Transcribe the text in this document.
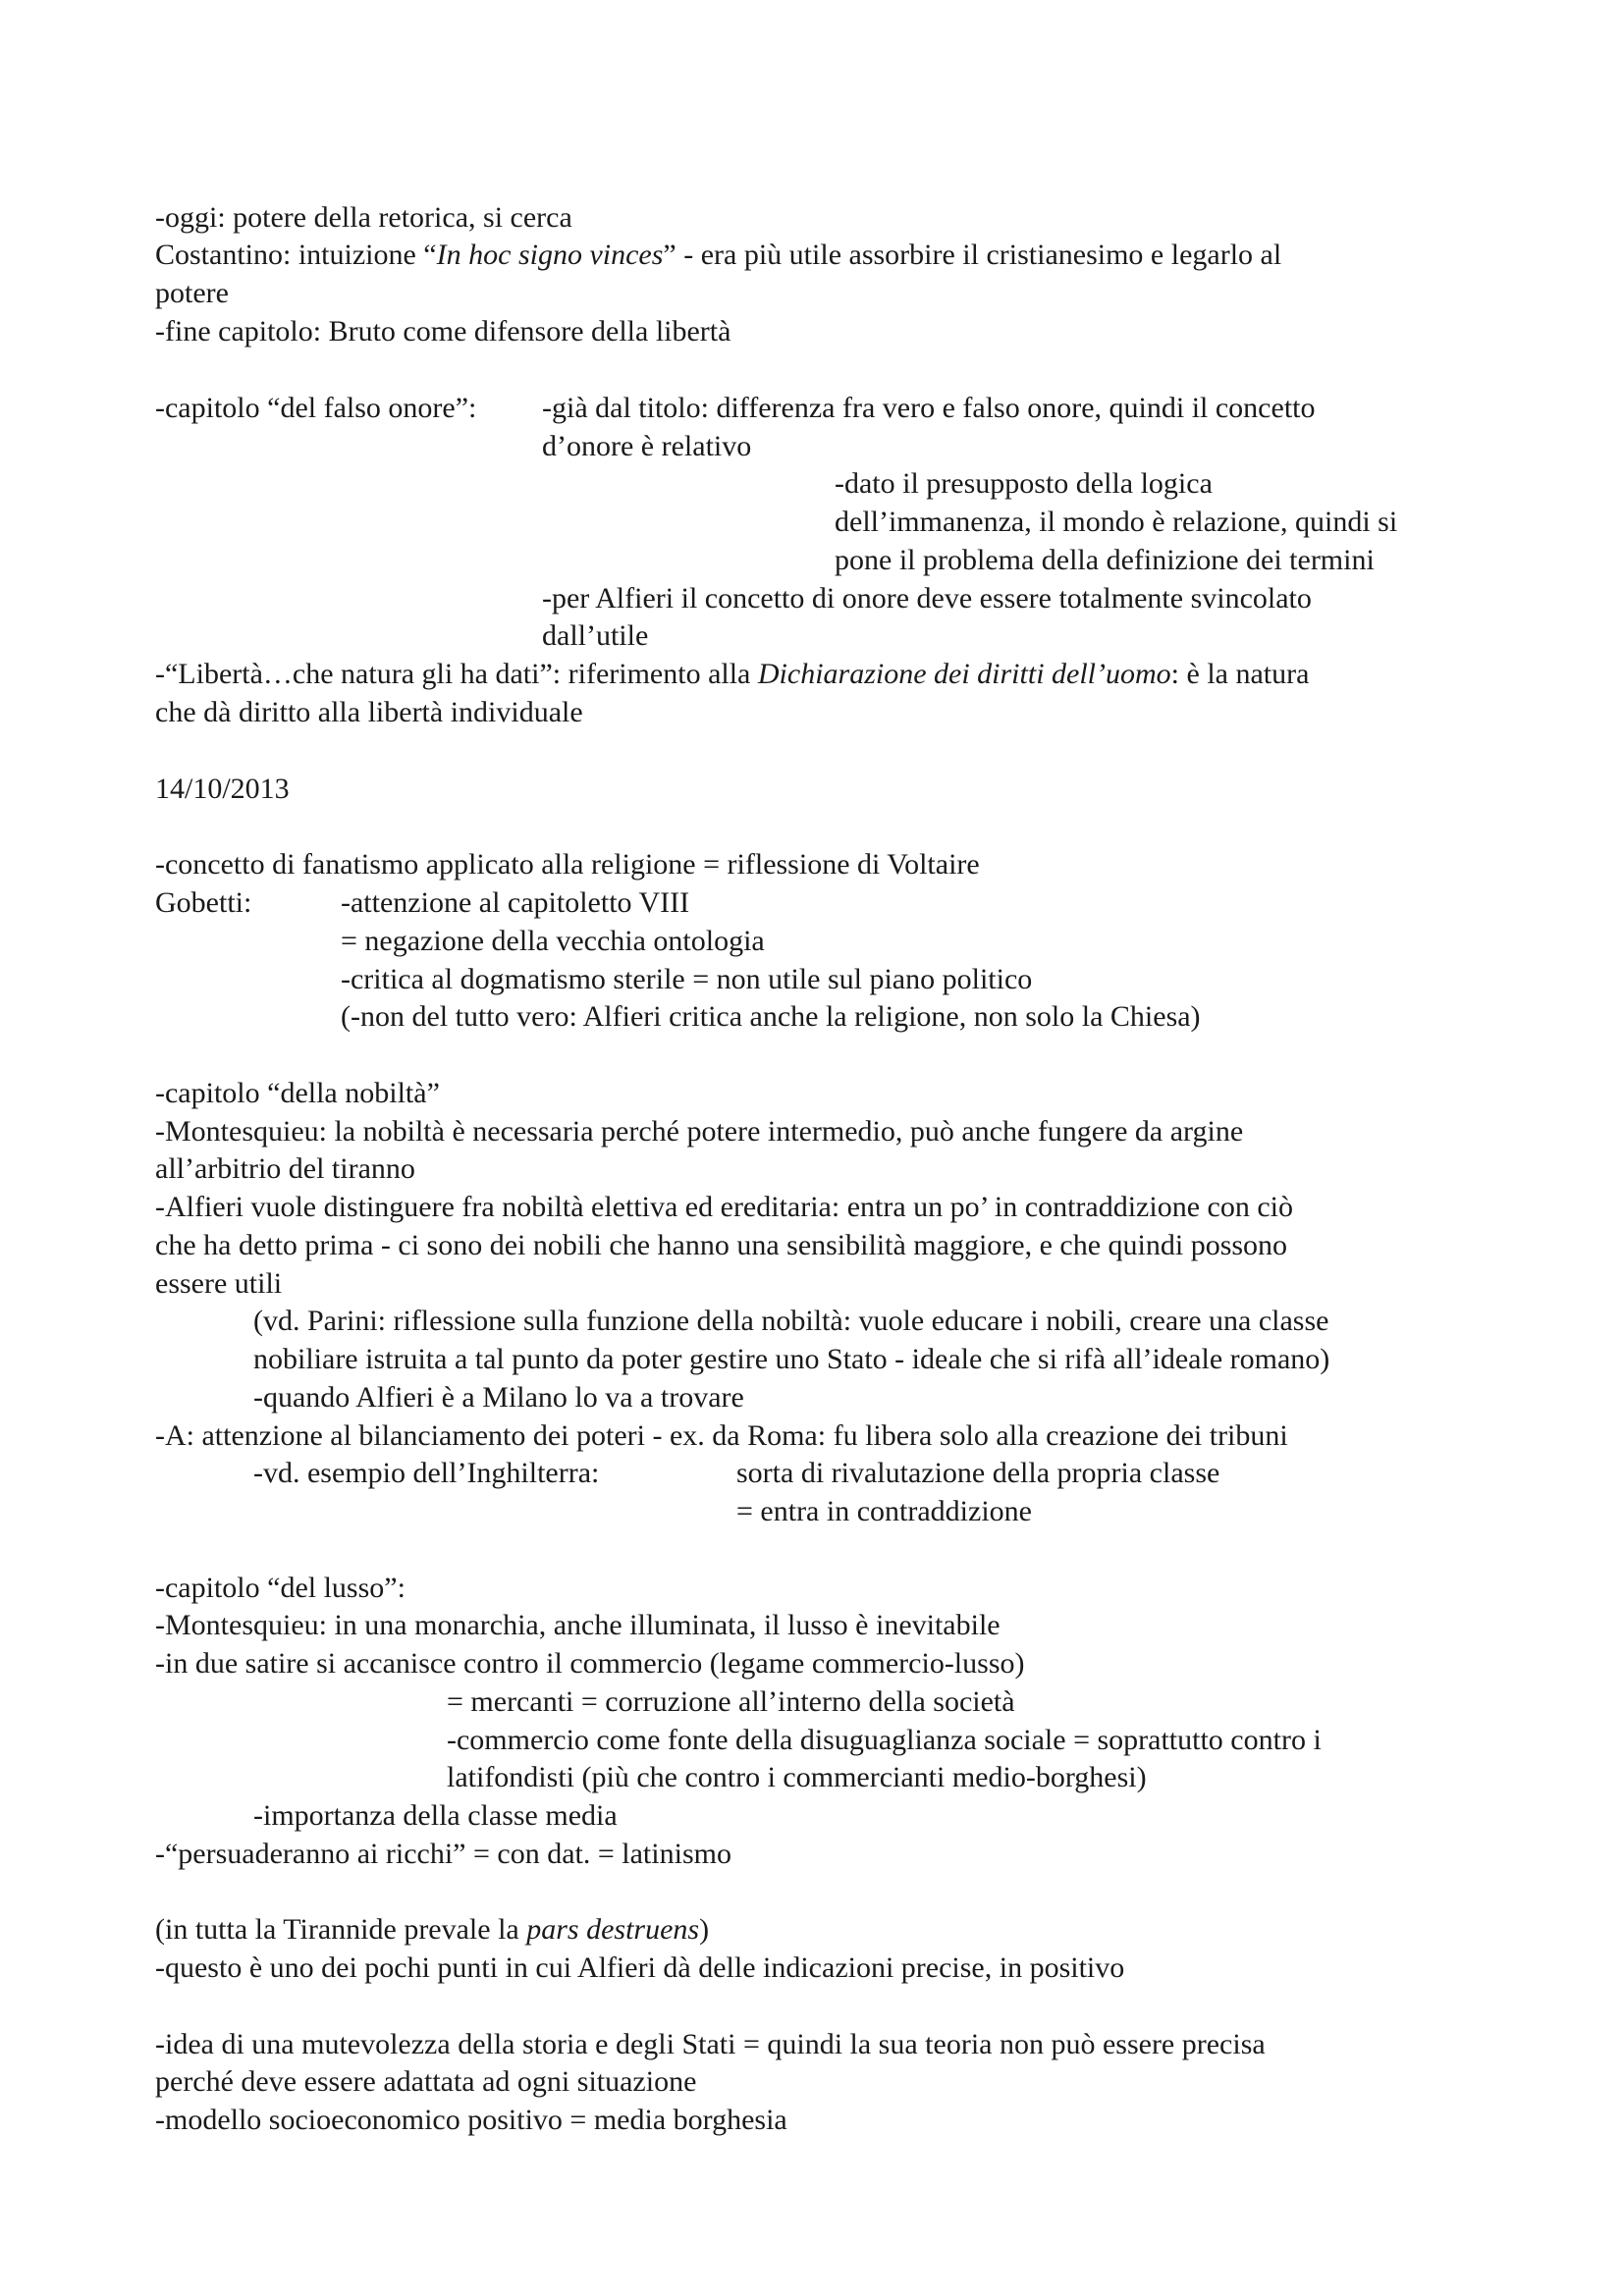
-oggi: potere della retorica, si cerca
Costantino: intuizione “In hoc signo vinces” - era più utile assorbire il cristianesimo e legarlo al
potere
-fine capitolo: Bruto come difensore della libertà
-capitolo “del falso onore”: -già dal titolo: differenza fra vero e falso onore, quindi il concetto
d’onore è relativo
-dato il presupposto della logica
dell’immanenza, il mondo è relazione, quindi si
pone il problema della definizione dei termini
-per Alfieri il concetto di onore deve essere totalmente svincolato
dall’utile
-“Libertà…che natura gli ha dati”: riferimento alla Dichiarazione dei diritti dell’uomo: è la natura
che dà diritto alla libertà individuale
14/10/2013
-concetto di fanatismo applicato alla religione = riflessione di Voltaire
Gobetti:	-attenzione al capitoletto VIII
= negazione della vecchia ontologia
-critica al dogmatismo sterile = non utile sul piano politico
(-non del tutto vero: Alfieri critica anche la religione, non solo la Chiesa)
-capitolo “della nobiltà”
-Montesquieu: la nobiltà è necessaria perché potere intermedio, può anche fungere da argine
all’arbitrio del tiranno
-Alfieri vuole distinguere fra nobiltà elettiva ed ereditaria: entra un po’ in contraddizione con ciò
che ha detto prima - ci sono dei nobili che hanno una sensibilità maggiore, e che quindi possono
essere utili
(vd. Parini: riflessione sulla funzione della nobiltà: vuole educare i nobili, creare una classe
nobiliare istruita a tal punto da poter gestire uno Stato - ideale che si rifà all’ideale romano)
-quando Alfieri è a Milano lo va a trovare
-A: attenzione al bilanciamento dei poteri - ex. da Roma: fu libera solo alla creazione dei tribuni
-vd. esempio dell’Inghilterra:	sorta di rivalutazione della propria classe
= entra in contraddizione
-capitolo “del lusso”:
-Montesquieu: in una monarchia, anche illuminata, il lusso è inevitabile
-in due satire si accanisce contro il commercio (legame commercio-lusso)
= mercanti = corruzione all’interno della società
-commercio come fonte della disuguaglianza sociale = soprattutto contro i
latifondisti (più che contro i commercianti medio-borghesi)
-importanza della classe media
-“persuaderanno ai ricchi” = con dat. = latinismo
(in tutta la Tirannide prevale la pars destruens)
-questo è uno dei pochi punti in cui Alfieri dà delle indicazioni precise, in positivo
-idea di una mutevolezza della storia e degli Stati = quindi la sua teoria non può essere precisa
perché deve essere adattata ad ogni situazione
-modello socioeconomico positivo = media borghesia
